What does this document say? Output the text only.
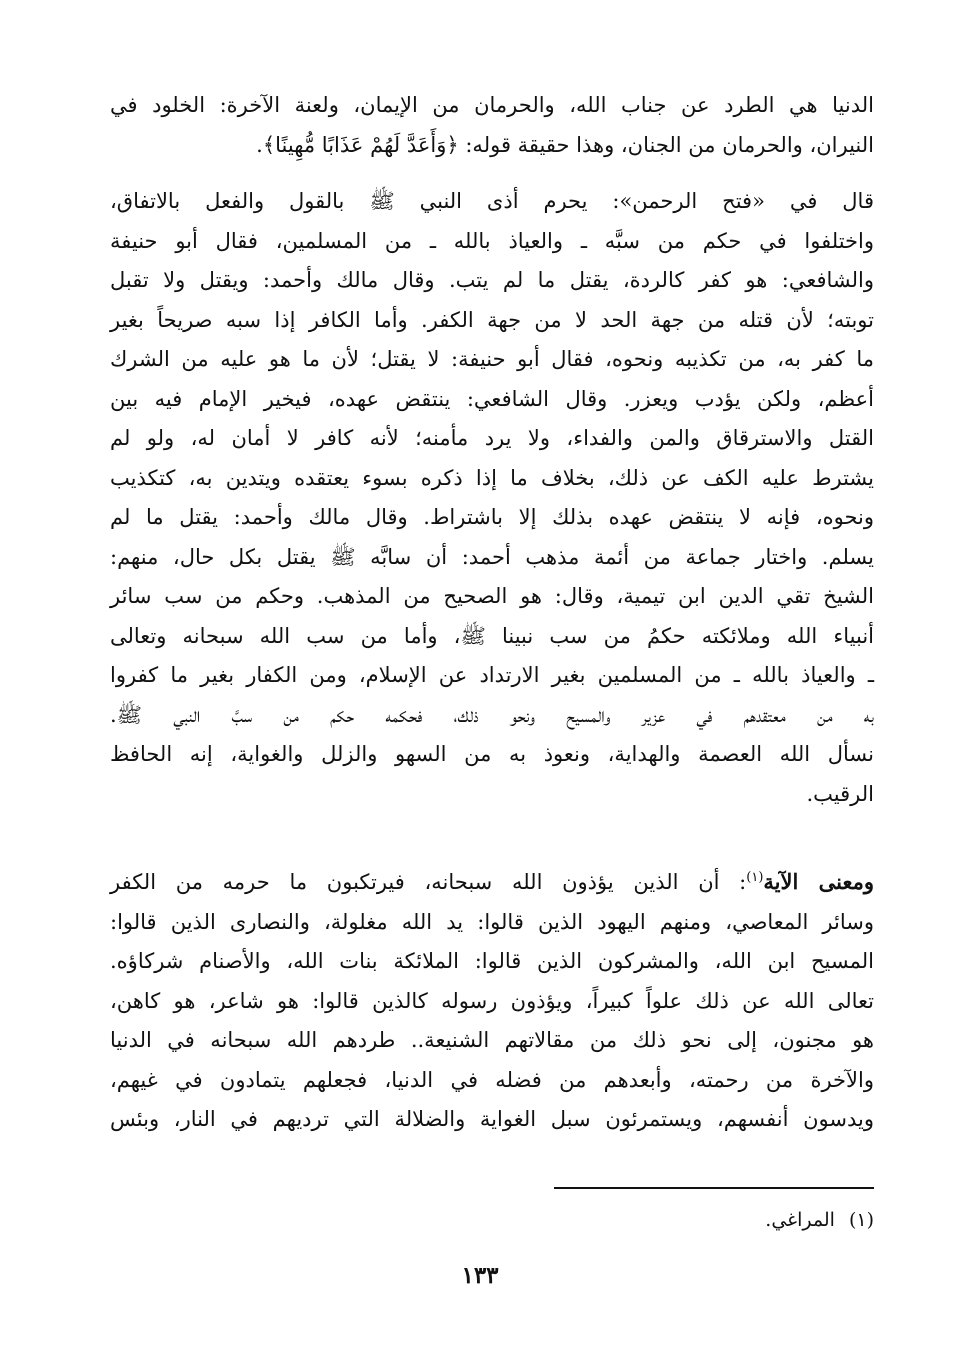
الدنيا هي الطرد عن جناب الله، والحرمان من الإيمان، ولعنة الآخرة: الخلود في
النيران، والحرمان من الجنان، وهذا حقيقة قوله: ﴿وَأَعَدَّ لَهُمْ عَذَابًا مُّهِينًا﴾.

قال في «فتح الرحمن»: يحرم أذى النبي ﷺ بالقول والفعل بالاتفاق،
واختلفوا في حكم من سبَّه ـ والعياذ بالله ـ من المسلمين، فقال أبو حنيفة
والشافعي: هو كفر كالردة، يقتل ما لم يتب. وقال مالك وأحمد: ويقتل ولا تقبل
توبته؛ لأن قتله من جهة الحد لا من جهة الكفر. وأما الكافر إذا سبه صريحاً بغير
ما كفر به، من تكذيبه ونحوه، فقال أبو حنيفة: لا يقتل؛ لأن ما هو عليه من الشرك
أعظم، ولكن يؤدب ويعزر. وقال الشافعي: ينتقض عهده، فيخير الإمام فيه بين
القتل والاسترقاق والمن والفداء، ولا يرد مأمنه؛ لأنه كافر لا أمان له، ولو لم
يشترط عليه الكف عن ذلك، بخلاف ما إذا ذكره بسوء يعتقده ويتدين به، كتكذيب
ونحوه، فإنه لا ينتقض عهده بذلك إلا باشتراط. وقال مالك وأحمد: يقتل ما لم
يسلم. واختار جماعة من أئمة مذهب أحمد: أن سابَّه ﷺ يقتل بكل حال، منهم:
الشيخ تقي الدين ابن تيمية، وقال: هو الصحيح من المذهب. وحكم من سب سائر
أنبياء الله وملائكته حكمُ من سب نبينا ﷺ، وأما من سب الله سبحانه وتعالى
ـ والعياذ بالله ـ من المسلمين بغير الارتداد عن الإسلام، ومن الكفار بغير ما كفروا
به من معتقدهم في عزير والمسيح ونحو ذلك، فحكمه حكم من سبَّ النبي ﷺ.
نسأل الله العصمة والهداية، ونعوذ به من السهو والزلل والغواية، إنه الحافظ
الرقيب.

ومعنى الآية$^{(١)}$: أن الذين يؤذون الله سبحانه، فيرتكبون ما حرمه من الكفر
وسائر المعاصي، ومنهم اليهود الذين قالوا: يد الله مغلولة، والنصارى الذين قالوا:
المسيح ابن الله، والمشركون الذين قالوا: الملائكة بنات الله، والأصنام شركاؤه.
تعالى الله عن ذلك علواً كبيراً، ويؤذون رسوله كالذين قالوا: هو شاعر، هو كاهن،
هو مجنون، إلى نحو ذلك من مقالاتهم الشنيعة.. طردهم الله سبحانه في الدنيا
والآخرة من رحمته، وأبعدهم من فضله في الدنيا، فجعلهم يتمادون في غيهم،
ويدسون أنفسهم، ويستمرئون سبل الغواية والضلالة التي ترديهم في النار، وبئس

(١)المراغي.
١٣٣
